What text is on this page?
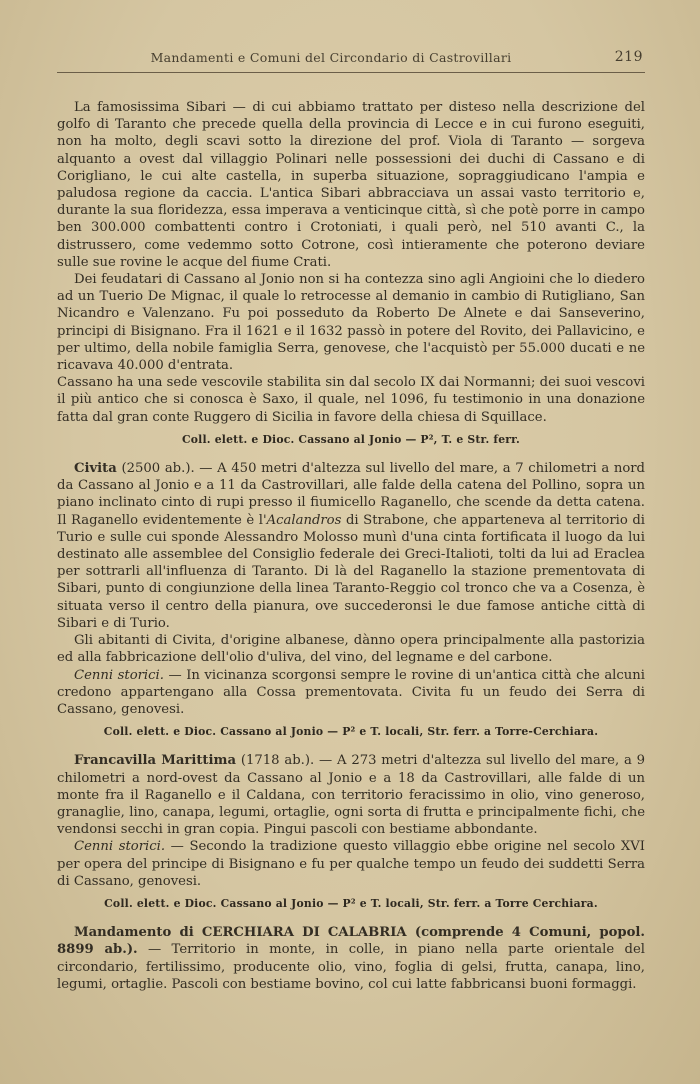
Mandamenti e Comuni del Circondario di Castrovillari	219

La famosissima Sibari — di cui abbiamo trattato per disteso nella descrizione del golfo di Taranto che precede quella della provincia di Lecce e in cui furono eseguiti, non ha molto, degli scavi sotto la direzione del prof. Viola di Taranto — sorgeva alquanto a ovest dal villaggio Polinari nelle possessioni dei duchi di Cassano e di Corigliano, le cui alte castella, in superba situazione, sopraggiudicano l'ampia e paludosa regione da caccia. L'antica Sibari abbracciava un assai vasto territorio e, durante la sua floridezza, essa imperava a venticinque città, sì che potè porre in campo ben 300.000 combattenti contro i Crotoniati, i quali però, nel 510 avanti C., la distrussero, come vedemmo sotto Cotrone, così intieramente che poterono deviare sulle sue rovine le acque del fiume Crati.

Dei feudatari di Cassano al Jonio non si ha contezza sino agli Angioini che lo diedero ad un Tuerio De Mignac, il quale lo retrocesse al demanio in cambio di Rutigliano, San Nicandro e Valenzano. Fu poi posseduto da Roberto De Alnete e dai Sanseverino, principi di Bisignano. Fra il 1621 e il 1632 passò in potere del Rovito, dei Pallavicino, e per ultimo, della nobile famiglia Serra, genovese, che l'acquistò per 55.000 ducati e ne ricavava 40.000 d'entrata.

Cassano ha una sede vescovile stabilita sin dal secolo IX dai Normanni; dei suoi vescovi il più antico che si conosca è Saxo, il quale, nel 1096, fu testimonio in una donazione fatta dal gran conte Ruggero di Sicilia in favore della chiesa di Squillace.

Coll. elett. e Dioc. Cassano al Jonio — P², T. e Str. ferr.

Civita (2500 ab.). — A 450 metri d'altezza sul livello del mare, a 7 chilometri a nord da Cassano al Jonio e a 11 da Castrovillari, alle falde della catena del Pollino, sopra un piano inclinato cinto di rupi presso il fiumicello Raganello, che scende da detta catena. Il Raganello evidentemente è l'Acalandros di Strabone, che apparteneva al territorio di Turio e sulle cui sponde Alessandro Molosso munì d'una cinta fortificata il luogo da lui destinato alle assemblee del Consiglio federale dei Greci-Italioti, tolti da lui ad Eraclea per sottrarli all'influenza di Taranto. Di là del Raganello la stazione prementovata di Sibari, punto di congiunzione della linea Taranto-Reggio col tronco che va a Cosenza, è situata verso il centro della pianura, ove succederonsi le due famose antiche città di Sibari e di Turio.

Gli abitanti di Civita, d'origine albanese, dànno opera principalmente alla pastorizia ed alla fabbricazione dell'olio d'uliva, del vino, del legname e del carbone.

Cenni storici. — In vicinanza scorgonsi sempre le rovine di un'antica città che alcuni credono appartengano alla Cossa prementovata. Civita fu un feudo dei Serra di Cassano, genovesi.

Coll. elett. e Dioc. Cassano al Jonio — P² e T. locali, Str. ferr. a Torre-Cerchiara.

Francavilla Marittima (1718 ab.). — A 273 metri d'altezza sul livello del mare, a 9 chilometri a nord-ovest da Cassano al Jonio e a 18 da Castrovillari, alle falde di un monte fra il Raganello e il Caldana, con territorio feracissimo in olio, vino generoso, granaglie, lino, canapa, legumi, ortaglie, ogni sorta di frutta e principalmente fichi, che vendonsi secchi in gran copia. Pingui pascoli con bestiame abbondante.

Cenni storici. — Secondo la tradizione questo villaggio ebbe origine nel secolo XVI per opera del principe di Bisignano e fu per qualche tempo un feudo dei suddetti Serra di Cassano, genovesi.

Coll. elett. e Dioc. Cassano al Jonio — P² e T. locali, Str. ferr. a Torre Cerchiara.

Mandamento di CERCHIARA DI CALABRIA (comprende 4 Comuni, popol. 8899 ab.). — Territorio in monte, in colle, in piano nella parte orientale del circondario, fertilissimo, producente olio, vino, foglia di gelsi, frutta, canapa, lino, legumi, ortaglie. Pascoli con bestiame bovino, col cui latte fabbricansi buoni formaggi.
